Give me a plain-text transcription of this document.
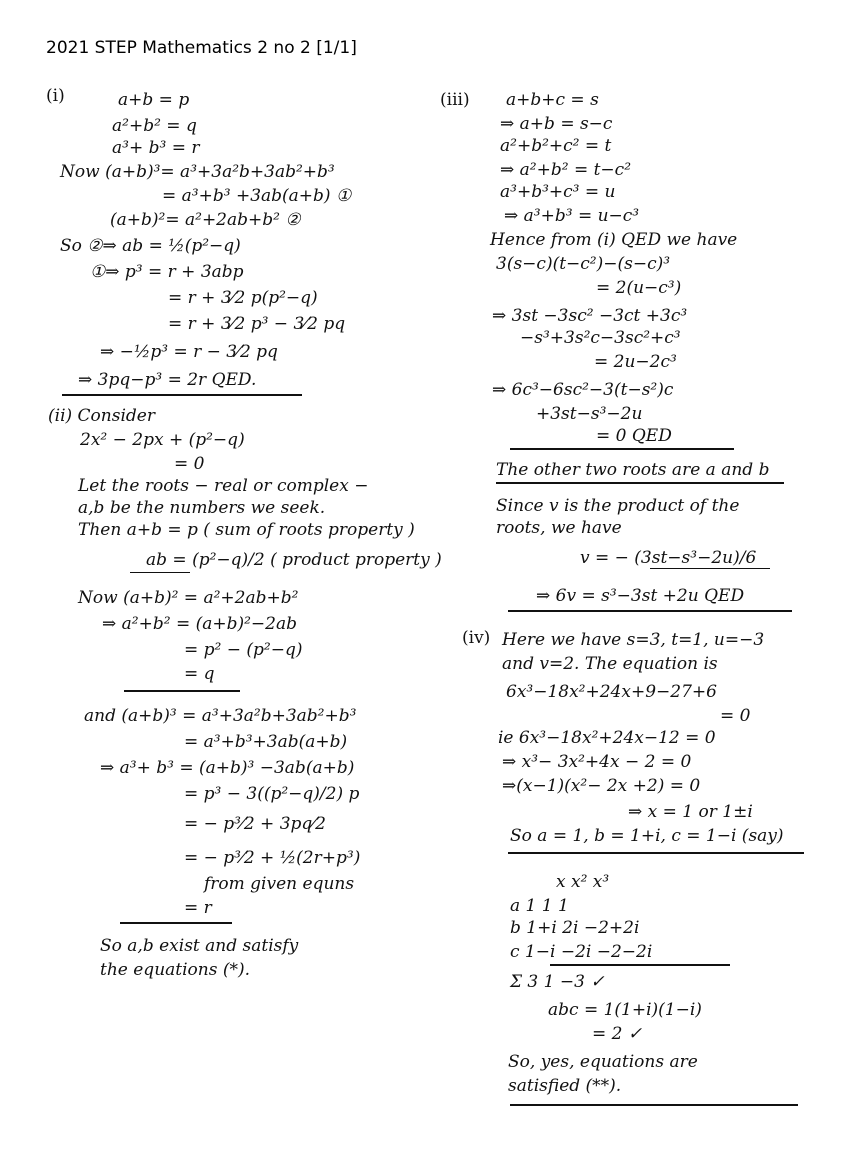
2021 STEP Mathematics 2 no 2 [1/1]
(i)	a+b = p
a²+b² = q
a³+ b³ = r
Now (a+b)³= a³+3a²b+3ab²+b³
= a³+b³ +3ab(a+b) ①
(a+b)²= a²+2ab+b² ②
So ②⇒ ab = ½(p²−q)
①⇒ p³ = r + 3abp
= r + 3⁄2 p(p²−q)
= r + 3⁄2 p³ − 3⁄2 pq
⇒ −½p³ = r − 3⁄2 pq
⇒ 3pq−p³ = 2r QED.
(ii) Consider
2x² − 2px + (p²−q)
= 0
Let the roots − real or complex −
a,b be the numbers we seek.
Then a+b = p ( sum of roots property )
ab = (p²−q)/2 ( product property )
Now (a+b)² = a²+2ab+b²
⇒ a²+b² = (a+b)²−2ab
= p² − (p²−q)
= q
and (a+b)³ = a³+3a²b+3ab²+b³
= a³+b³+3ab(a+b)
⇒ a³+ b³ = (a+b)³ −3ab(a+b)
= p³ − 3((p²−q)/2) p
= − p³⁄2 + 3pq⁄2
= − p³⁄2 + ½(2r+p³)
from given equns
= r
So a,b exist and satisfy
the equations (*).
(iii) a+b+c = s
⇒ a+b = s−c
a²+b²+c² = t
⇒ a²+b² = t−c²
a³+b³+c³ = u
⇒ a³+b³ = u−c³
Hence from (i) QED we have
3(s−c)(t−c²)−(s−c)³
= 2(u−c³)
⇒ 3st −3sc² −3ct +3c³
−s³+3s²c−3sc²+c³
= 2u−2c³
⇒ 6c³−6sc²−3(t−s²)c
+3st−s³−2u
= 0 QED
The other two roots are a and b
Since v is the product of the
roots, we have
v = − (3st−s³−2u)/6
⇒ 6v = s³−3st +2u QED
(iv) Here we have s=3, t=1, u=−3
and v=2. The equation is
6x³−18x²+24x+9−27+6
= 0
ie 6x³−18x²+24x−12 = 0
⇒ x³− 3x²+4x − 2 = 0
⇒(x−1)(x²− 2x +2) = 0
⇒ x = 1 or 1±i
So a = 1, b = 1+i, c = 1−i (say)
x x² x³
a 1 1 1
b 1+i 2i −2+2i
c 1−i −2i −2−2i
Σ 3 1 −3 ✓
abc = 1(1+i)(1−i)
= 2 ✓
So, yes, equations are
satisfied (**).
